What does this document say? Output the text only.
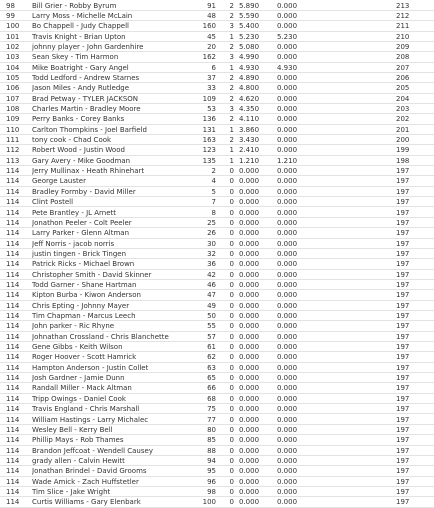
98	Bill Grier - Robby Byrum	91	2 5.890	0.000	213
99	Larry Moss - Michelle McLain	48	2 5.590	0.000	212
100	Bo Chappell - Judy Chappell	160	3 5.400	0.000	211
101	Travis Knight - Brian Upton	45	1 5.230	5.230	210
102	johnny player - John Gardenhire	20	2 5.080	0.000	209
103	Sean Skey - Tim Harmon	162	3 4.990	0.000	208
104	Mike Boatright - Gary Angel	6	1 4.930	4.930	207
105	Todd Ledford - Andrew Starnes	37	2 4.890	0.000	206
106	Jason Miles - Andy Rutledge	33	2 4.800	0.000	205
107	Brad Petway - TYLER JACKSON	109	2 4.620	0.000	204
108	Charles Martin - Bradley Moore	53	3 4.350	0.000	203
109	Perry Banks - Corey Banks	136	2 4.110	0.000	202
110	Carlton Thompkins - Joel Barfield	131	1 3.860	0.000	201
111	tony cook - Chad Cook	163	2 3.430	0.000	200
112	Robert Wood - Justin Wood	123	1 2.410	0.000	199
113	Gary Avery - Mike Goodman	135	1 1.210	1.210	198
114	Jerry Mullinax - Heath Rhinehart	2	0 0.000	0.000	197
114	George Lauster	4	0 0.000	0.000	197
114	Bradley Formby - David Miller	5	0 0.000	0.000	197
114	Clint Postell	7	0 0.000	0.000	197
114	Pete Brantley - JL Arnett	8	0 0.000	0.000	197
114	Jonathon Peeler - Colt Peeler	25	0 0.000	0.000	197
114	Larry Parker - Glenn Altman	26	0 0.000	0.000	197
114	Jeff Norris - jacob norris	30	0 0.000	0.000	197
114	justin tingen - Brick Tingen	32	0 0.000	0.000	197
114	Patrick Ricks - Michael Brown	36	0 0.000	0.000	197
114	Christopher Smith - David Skinner	42	0 0.000	0.000	197
114	Todd Garner - Shane Hartman	46	0 0.000	0.000	197
114	Kipton Burba - Kiwon Anderson	47	0 0.000	0.000	197
114	Chris Epting - Johnny Mayer	49	0 0.000	0.000	197
114	Tim Chapman - Marcus Leech	50	0 0.000	0.000	197
114	John parker - Ric Rhyne	55	0 0.000	0.000	197
114	Johnathan Crossland - Chris Blanchette	57	0 0.000	0.000	197
114	Gene Gibbs - Keith Wilson	61	0 0.000	0.000	197
114	Roger Hoover - Scott Hamrick	62	0 0.000	0.000	197
114	Hampton Anderson - Justin Collet	63	0 0.000	0.000	197
114	Josh Gardner - Jamie Dunn	65	0 0.000	0.000	197
114	Randall Miller - Mack Altman	66	0 0.000	0.000	197
114	Tripp Owings - Daniel Cook	68	0 0.000	0.000	197
114	Travis England - Chris Marshall	75	0 0.000	0.000	197
114	William Hastings - Larry Michalec	77	0 0.000	0.000	197
114	Wesley Bell - Kerry Bell	80	0 0.000	0.000	197
114	Phillip Mays - Rob Thames	85	0 0.000	0.000	197
114	Brandon Jeffcoat - Wendell Causey	88	0 0.000	0.000	197
114	grady allen - Calvin Hewitt	94	0 0.000	0.000	197
114	Jonathan Brindel - David Grooms	95	0 0.000	0.000	197
114	Wade Amick - Zach Huffstetler	96	0 0.000	0.000	197
114	Tim Slice - Jake Wright	98	0 0.000	0.000	197
114	Curtis Williams - Gary Elenbark	100	0 0.000	0.000	197
